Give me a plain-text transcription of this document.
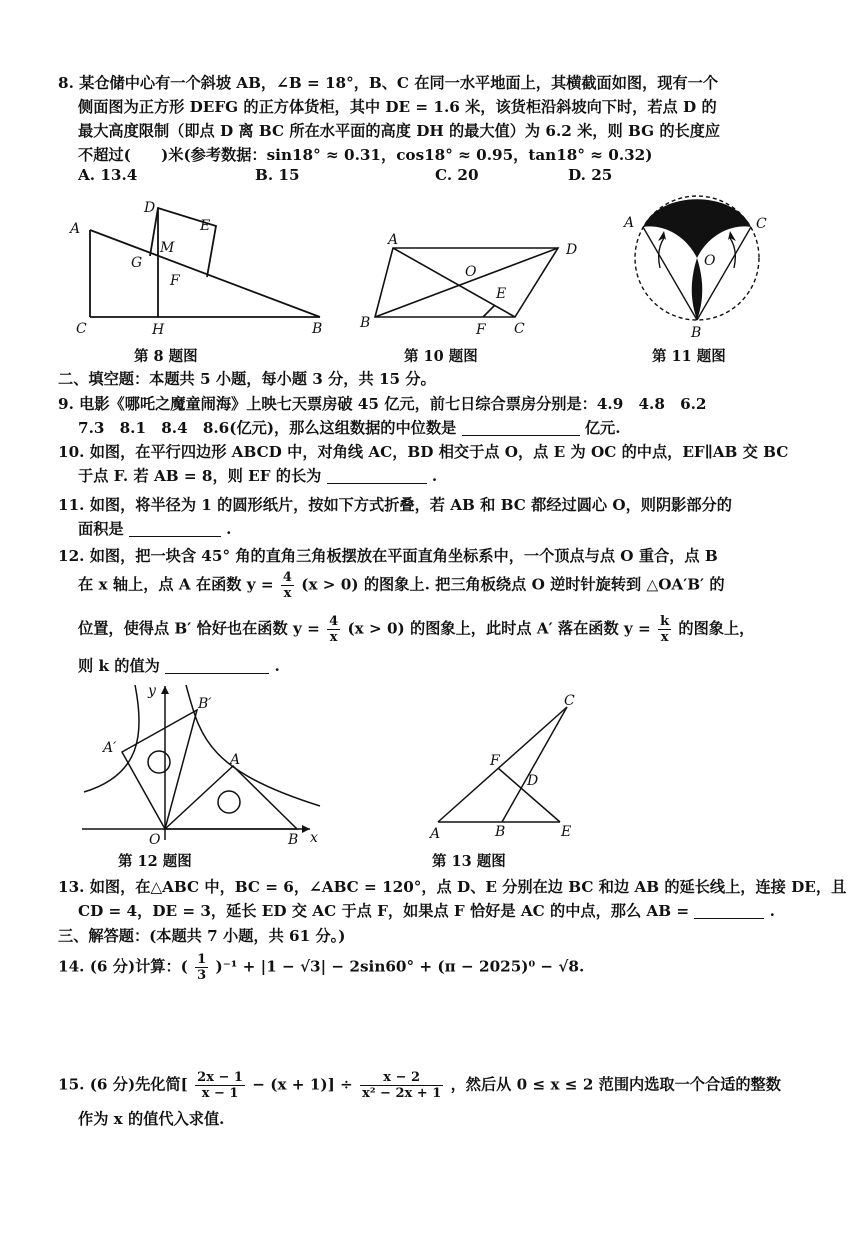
8. 某仓储中心有一个斜坡 AB，∠B = 18°，B、C 在同一水平地面上，其横截面如图，现有一个
侧面图为正方形 DEFG 的正方体货柜，其中 DE = 1.6 米，该货柜沿斜坡向下时，若点 D 的
最大高度限制（即点 D 离 BC 所在水平面的高度 DH 的最大值）为 6.2 米，则 BG 的长度应
不超过(　　)米(参考数据：sin18° ≈ 0.31，cos18° ≈ 0.95，tan18° ≈ 0.32)
A. 13.4	B. 15	C. 20	D. 25
A
D
E
M
G
F
C	H	B
第 8 题图
A
D
O
E
B	F C
第 10 题图
A	C
O
B
第 11 题图
二、填空题：本题共 5 小题，每小题 3 分，共 15 分。
9. 电影《哪吒之魔童闹海》上映七天票房破 45 亿元，前七日综合票房分别是：4.9　4.8　6.2
7.3　8.1　8.4　8.6(亿元)，那么这组数据的中位数是	亿元.
10. 如图，在平行四边形 ABCD 中，对角线 AC，BD 相交于点 O，点 E 为 OC 的中点，EF∥AB 交 BC
于点 F. 若 AB = 8，则 EF 的长为	.
11. 如图，将半径为 1 的圆形纸片，按如下方式折叠，若 AB 和 BC 都经过圆心 O，则阴影部分的
面积是	.
12. 如图，把一块含 45° 角的直角三角板摆放在平面直角坐标系中，一个顶点与点 O 重合，点 B
在 x 轴上，点 A 在函数 $y = \frac{4}{x} (x > 0)$ 的图象上. 把三角板绕点 O 逆时针旋转到 △OA′B′ 的
位置，使得点 B′ 恰好也在函数 $y = \frac{4}{x} (x > 0)$ 的图象上，此时点 A′ 落在函数 $y = \frac{k}{x}$ 的图象上，
则 k 的值为	.
y
B′
A′
A
O	B x
第 12 题图
C
F
D
A	B	E
第 13 题图
13. 如图，在△ABC 中，BC = 6，∠ABC = 120°，点 D、E 分别在边 BC 和边 AB 的延长线上，连接 DE，且
CD = 4，DE = 3，延长 ED 交 AC 于点 F，如果点 F 恰好是 AC 的中点，那么 AB =	.
三、解答题：(本题共 7 小题，共 61 分。)
14. (6 分)计算：( $\frac{1}{3} )^{-1} + |1 - √3| - 2\sin 60^\circ + (\pi - 2025)^0 - √8$.
15. (6 分)先化简[ $\frac{2x - 1}{x - 1} - (x + 1)] \div \frac{x - 2}{\text{x² − 2x + 1}}$ ，然后从 0 ≤ x ≤ 2 范围内选取一个合适的整数
作为 x 的值代入求值.
